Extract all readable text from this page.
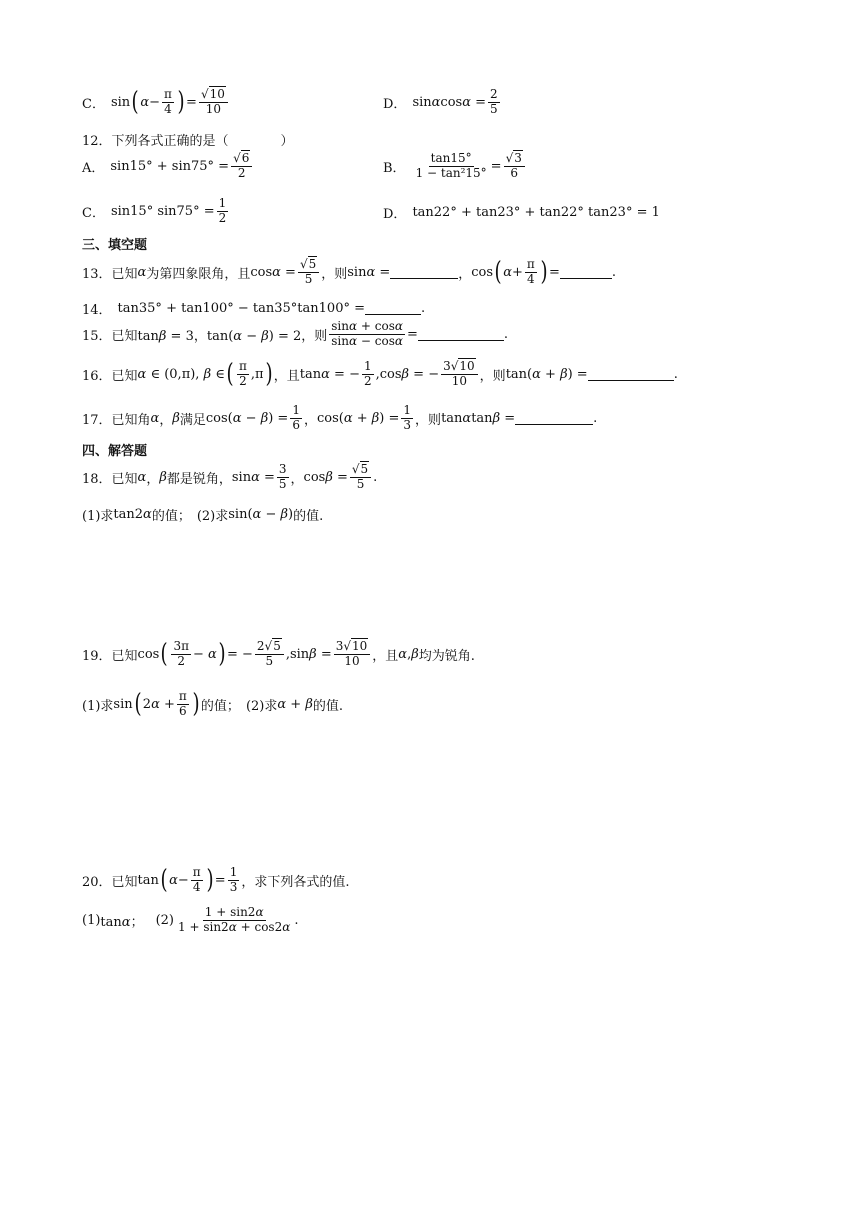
C． sin ( $\alpha - \frac{\pi}{4}$ ) = $\frac{√10}{10}$	D． $\sin\alpha\cos\alpha = \frac{2}{5}$
12．下列各式正确的是（　　　　）
A． $\sin 15^\circ + \sin 75^\circ = \frac{√6}{2}$	B． $\frac{\tan 15^\circ}{\text{1 − tan²15°}} = \frac{√3}{6}$
C． sin15° $\sin 75^\circ = \frac{1}{2}$	D． tan22° + tan23° + tan22° tan23° = 1
三、填空题
13．已知 α 为第四象限角，且 $\cos\alpha = \frac{√5}{5}$ ，则 sinα =	， cos ( $\alpha + \frac{\pi}{4}$ ) =	.
14． tan35° + tan100° − tan35°tan100° =	.
15．已知 tanβ = 3，tan(α − β) = 2 ，则 $\frac{\sin\alpha + \cos\alpha}{\sin\alpha - \cos\alpha}$ =	.
16．已知 α ∈ (0,π), β ∈ ( $\frac{\pi}{2} ,\pi$ ) ，且 tanα = − $\frac{1}{2} ,\cos\beta$ = − $\frac{3√10}{10}$ ，则 tan(α + β) =	.
17．已知角 α ， β 满足 $\cos(\alpha - \beta) = \frac{1}{6}$ ， $\cos(\alpha + \beta) = \frac{1}{3}$ ，则 tanαtanβ =	.
四、解答题
18．已知 α ， β 都是锐角， $\sin\alpha = \frac{3}{5}$ ， $\cos\beta = \frac{√5}{5}$ .
(1)求 tan2α 的值； (2)求 sin(α − β) 的值.
19．已知 cos ( $\frac{3\pi}{2} - \alpha$ ) = − $\frac{2√5}{5} ,\sin\beta = \frac{3√10}{10}$ ，且 α , β 均为锐角.
(1)求 sin ( $2\alpha + \frac{\pi}{6}$ ) 的值； (2)求 α + β 的值.
20．已知 tan ( $\alpha - \frac{\pi}{4}$ ) = $\frac{1}{3}$ ，求下列各式的值.
(1) tanα； $(2) \frac{1 + \sin 2\alpha}{1 + \sin 2\alpha + \cos 2\alpha}$ .
